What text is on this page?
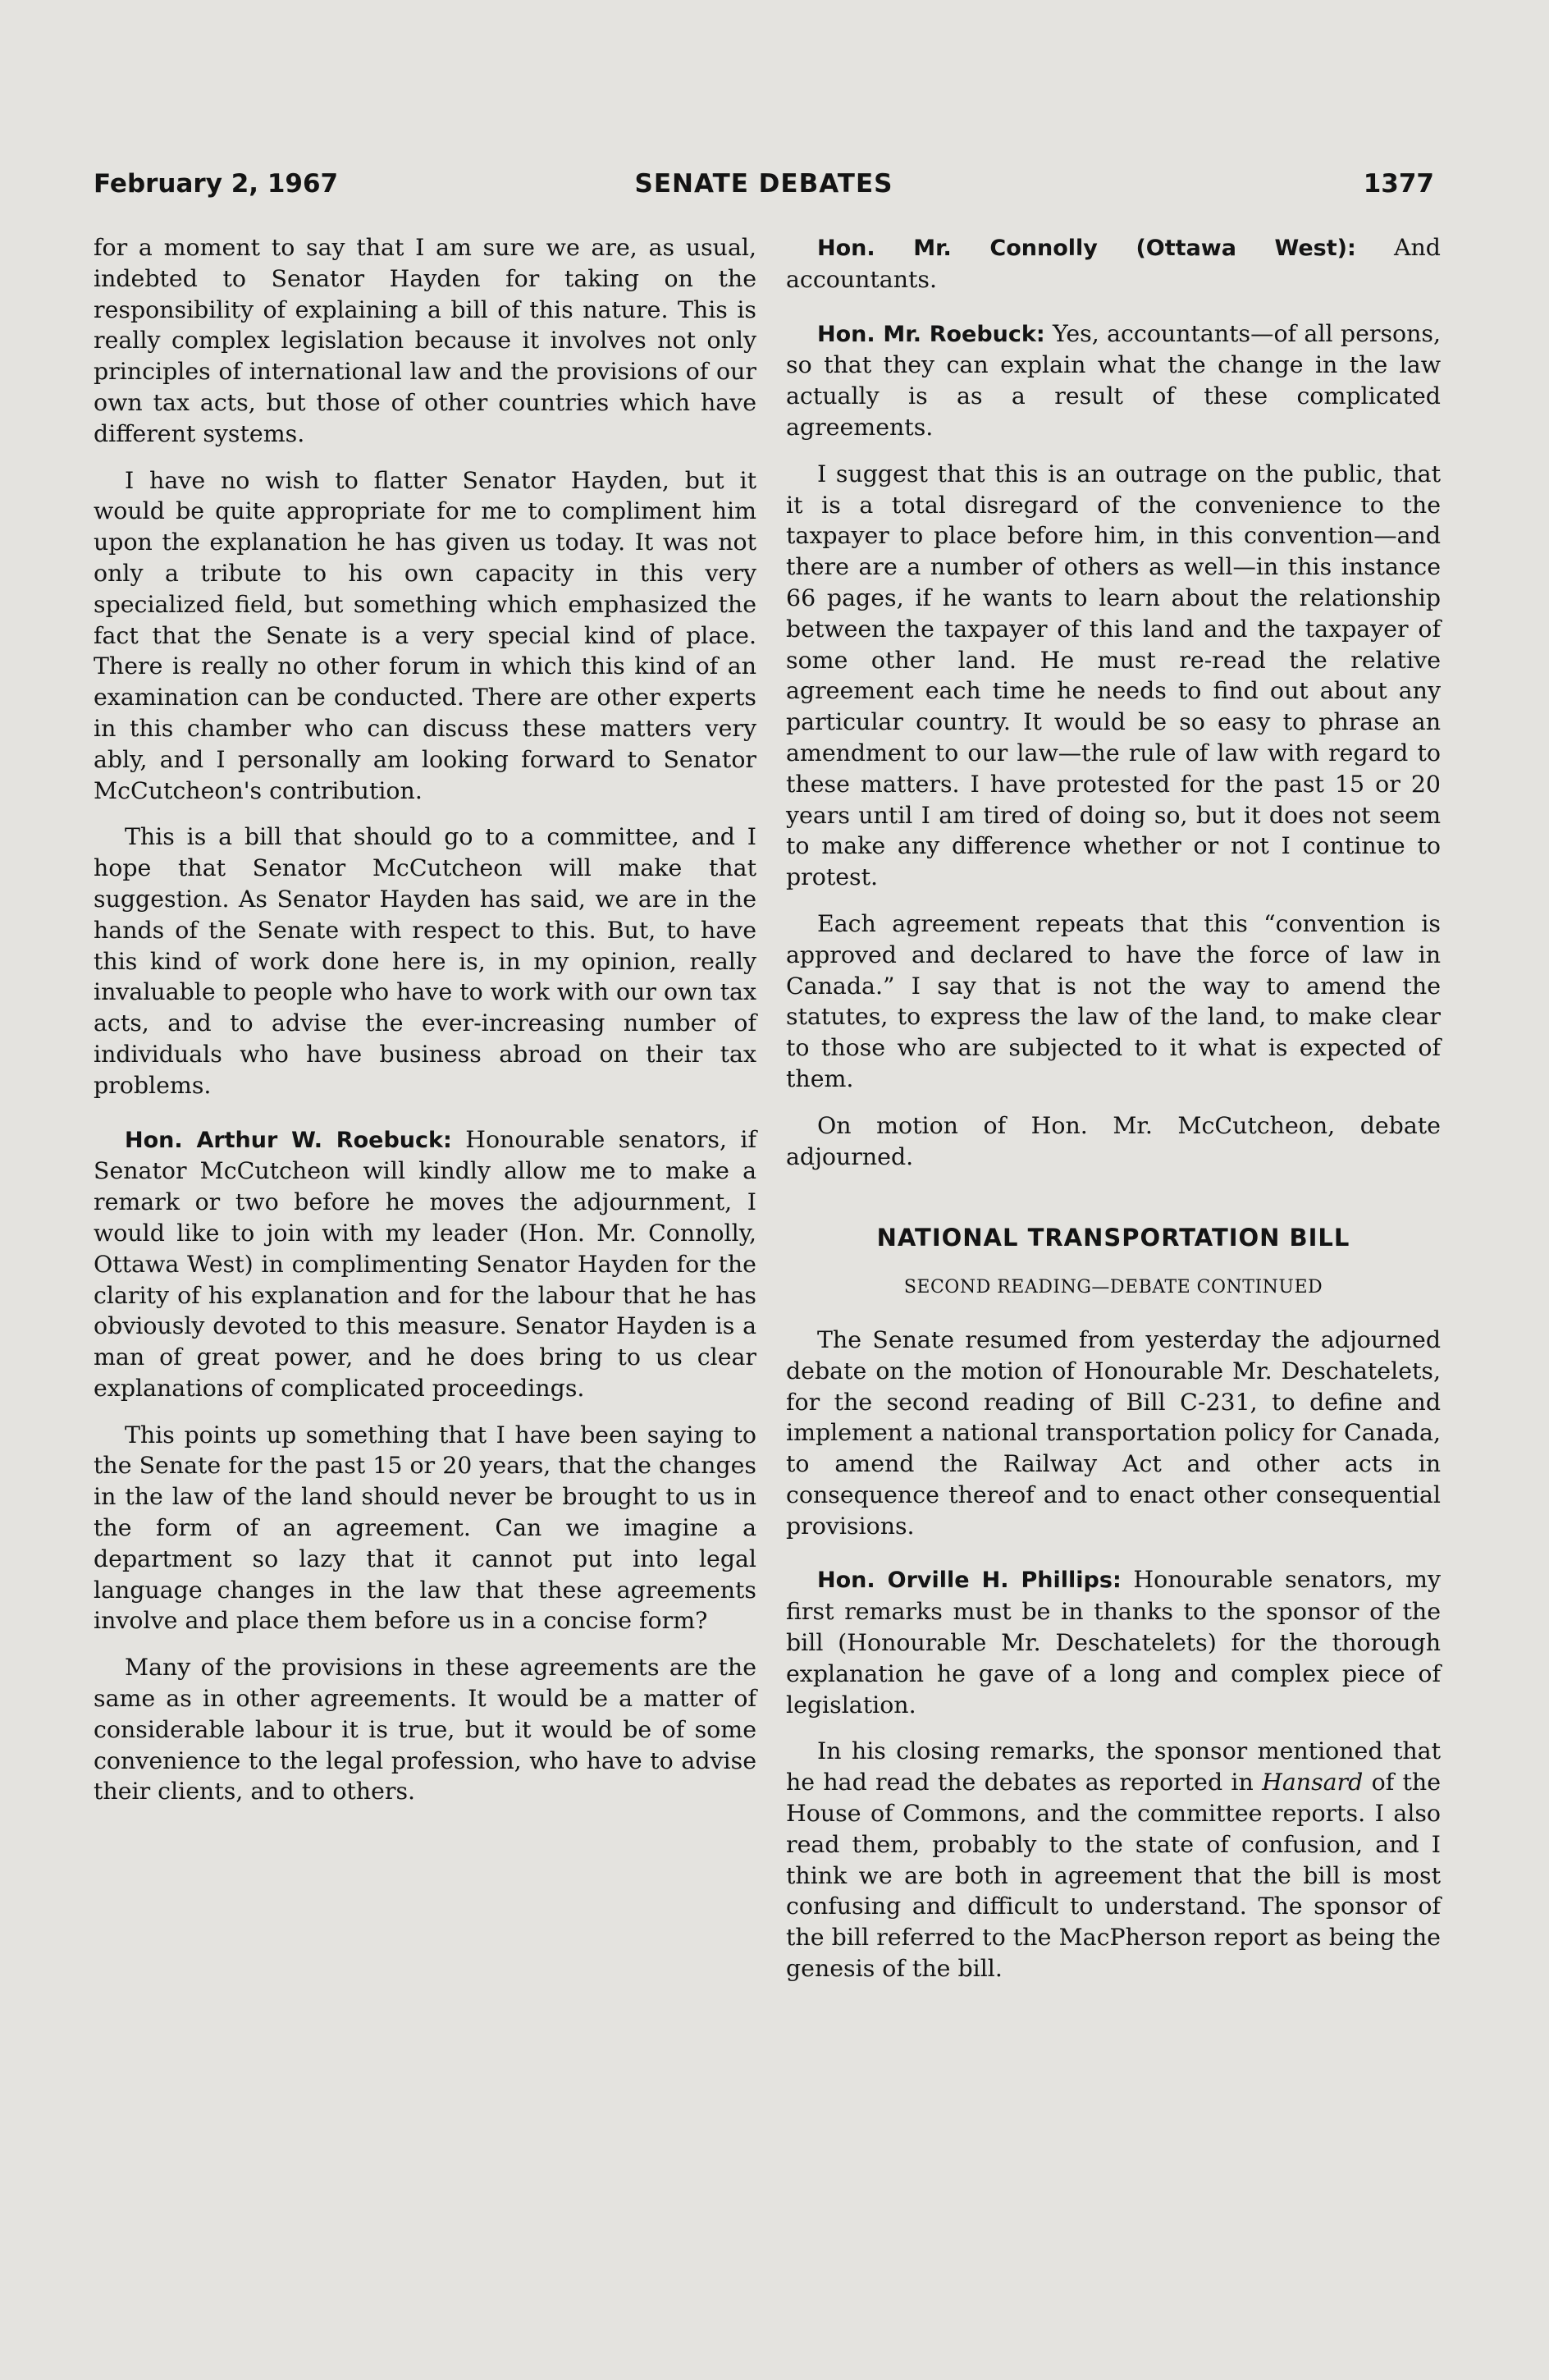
February 2, 1967	SENATE DEBATES	1377

for a moment to say that I am sure we are, as usual, indebted to Senator Hayden for taking on the responsibility of explaining a bill of this nature. This is really complex legislation because it involves not only principles of international law and the provisions of our own tax acts, but those of other countries which have different systems.

I have no wish to flatter Senator Hayden, but it would be quite appropriate for me to compliment him upon the explanation he has given us today. It was not only a tribute to his own capacity in this very specialized field, but something which emphasized the fact that the Senate is a very special kind of place. There is really no other forum in which this kind of an examination can be conducted. There are other experts in this chamber who can discuss these matters very ably, and I personally am looking forward to Senator McCutcheon's contribution.

This is a bill that should go to a committee, and I hope that Senator McCutcheon will make that suggestion. As Senator Hayden has said, we are in the hands of the Senate with respect to this. But, to have this kind of work done here is, in my opinion, really invaluable to people who have to work with our own tax acts, and to advise the ever-increasing number of individuals who have business abroad on their tax problems.

Hon. Arthur W. Roebuck: Honourable senators, if Senator McCutcheon will kindly allow me to make a remark or two before he moves the adjournment, I would like to join with my leader (Hon. Mr. Connolly, Ottawa West) in complimenting Senator Hayden for the clarity of his explanation and for the labour that he has obviously devoted to this measure. Senator Hayden is a man of great power, and he does bring to us clear explanations of complicated proceedings.

This points up something that I have been saying to the Senate for the past 15 or 20 years, that the changes in the law of the land should never be brought to us in the form of an agreement. Can we imagine a department so lazy that it cannot put into legal language changes in the law that these agreements involve and place them before us in a concise form?

Many of the provisions in these agreements are the same as in other agreements. It would be a matter of considerable labour it is true, but it would be of some convenience to the legal profession, who have to advise their clients, and to others.

Hon. Mr. Connolly (Ottawa West): And accountants.

Hon. Mr. Roebuck: Yes, accountants—of all persons, so that they can explain what the change in the law actually is as a result of these complicated agreements.

I suggest that this is an outrage on the public, that it is a total disregard of the convenience to the taxpayer to place before him, in this convention—and there are a number of others as well—in this instance 66 pages, if he wants to learn about the relationship between the taxpayer of this land and the taxpayer of some other land. He must re-read the relative agreement each time he needs to find out about any particular country. It would be so easy to phrase an amendment to our law—the rule of law with regard to these matters. I have protested for the past 15 or 20 years until I am tired of doing so, but it does not seem to make any difference whether or not I continue to protest.

Each agreement repeats that this “convention is approved and declared to have the force of law in Canada.” I say that is not the way to amend the statutes, to express the law of the land, to make clear to those who are subjected to it what is expected of them.

On motion of Hon. Mr. McCutcheon, debate adjourned.

NATIONAL TRANSPORTATION BILL
SECOND READING—DEBATE CONTINUED

The Senate resumed from yesterday the adjourned debate on the motion of Honourable Mr. Deschatelets, for the second reading of Bill C-231, to define and implement a national transportation policy for Canada, to amend the Railway Act and other acts in consequence thereof and to enact other consequential provisions.

Hon. Orville H. Phillips: Honourable senators, my first remarks must be in thanks to the sponsor of the bill (Honourable Mr. Deschatelets) for the thorough explanation he gave of a long and complex piece of legislation.

In his closing remarks, the sponsor mentioned that he had read the debates as reported in Hansard of the House of Commons, and the committee reports. I also read them, probably to the state of confusion, and I think we are both in agreement that the bill is most confusing and difficult to understand. The sponsor of the bill referred to the MacPherson report as being the genesis of the bill.
